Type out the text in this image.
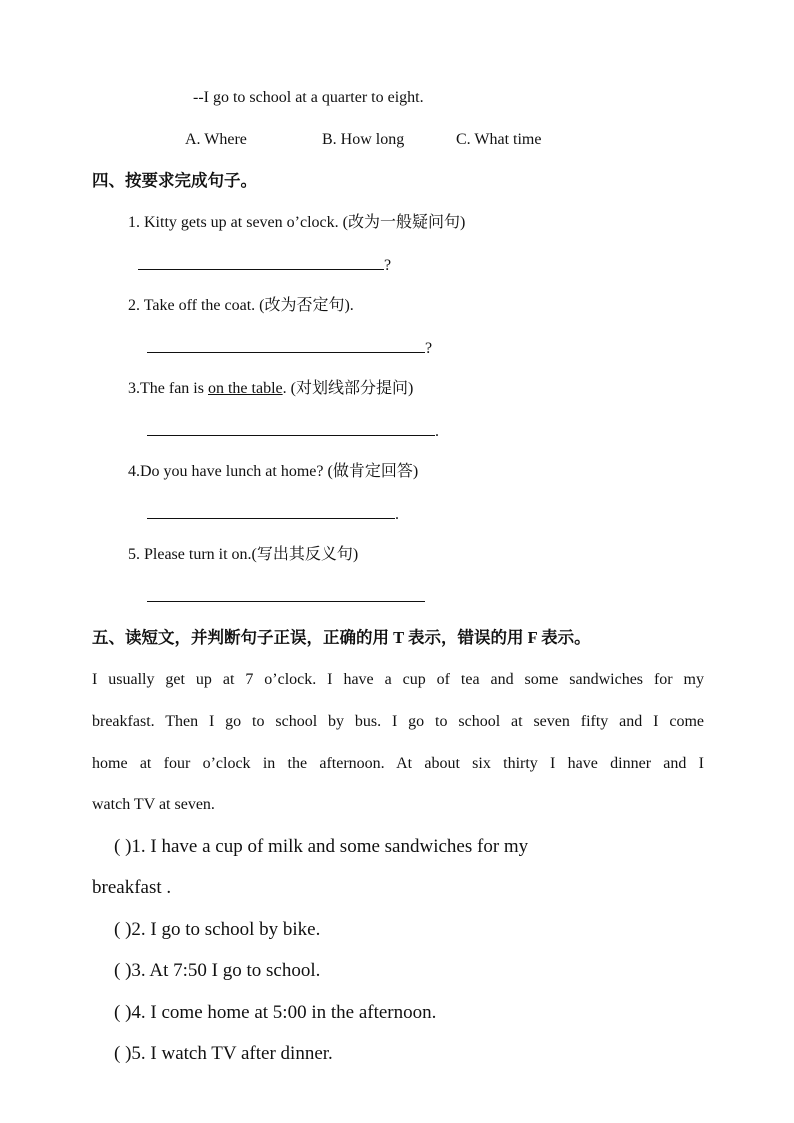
--I go to school at a quarter to eight.
A. Where	B. How long	C. What time
四、按要求完成句子。
1. Kitty gets up at seven o’clock. (改为一般疑问句)
?
2. Take off the coat. (改为否定句).
?
3.The fan is on the table. (对划线部分提问)
.
4.Do you have lunch at home? (做肯定回答)
.
5. Please turn it on.(写出其反义句)
五、读短文，并判断句子正误，正确的用 T 表示，错误的用 F 表示。
I usually get up at 7 o’clock. I have a cup of tea and some sandwiches for my
breakfast. Then I go to school by bus. I go to school at seven fifty and I come
home at four o’clock in the afternoon. At about six thirty I have dinner and I
watch TV at seven.
( )1. I have a cup of milk and some sandwiches for my
breakfast .
( )2. I go to school by bike.
( )3. At 7:50 I go to school.
( )4. I come home at 5:00 in the afternoon.
( )5. I watch TV after dinner.
